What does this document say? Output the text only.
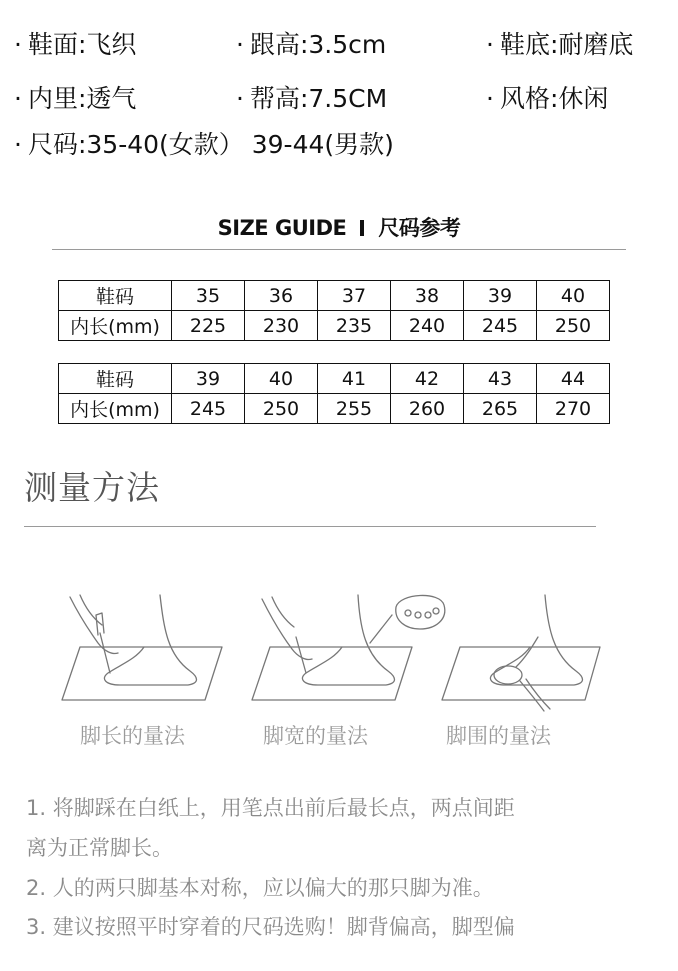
· 鞋面:飞织	· 跟高:3.5cm	· 鞋底:耐磨底
· 内里:透气	· 帮高:7.5CM	· 风格:休闲
· 尺码:35-40(女款） 39-44(男款)
SIZE GUIDE 尺码参考
鞋码	35	36	37	38	39	40
内长(mm)	225	230	235	240	245	250
鞋码	39	40	41	42	43	44
内长(mm)	245	250	255	260	265	270
测量方法
脚长的量法	脚宽的量法	脚围的量法
1. 将脚踩在白纸上，用笔点出前后最长点，两点间距
离为正常脚长。
2. 人的两只脚基本对称，应以偏大的那只脚为准。
3. 建议按照平时穿着的尺码选购！脚背偏高，脚型偏
